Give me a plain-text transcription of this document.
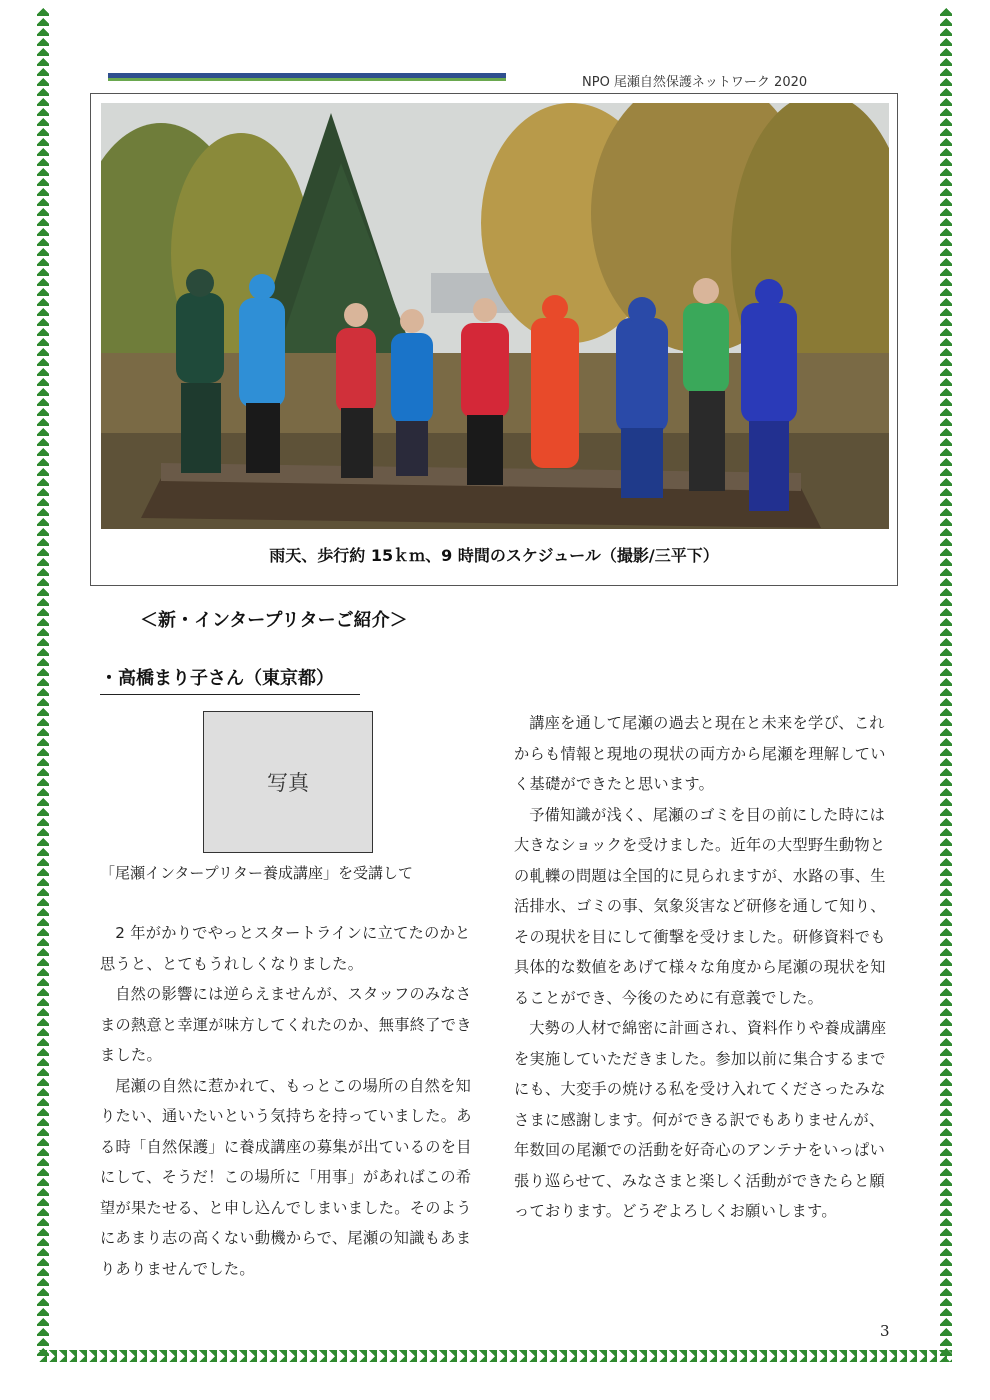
NPO 尾瀬自然保護ネットワーク 2020
雨天、歩行約 15ｋｍ、9 時間のスケジュール（撮影/三平下）
＜新・インタープリターご紹介＞
・高橋まり子さん（東京都）
写真
「尾瀬インタープリター養成講座」を受講して

2 年がかりでやっとスタートラインに立てたのかと思うと、とてもうれしくなりました。

自然の影響には逆らえませんが、スタッフのみなさまの熱意と幸運が味方してくれたのか、無事終了できました。

尾瀬の自然に惹かれて、もっとこの場所の自然を知りたい、通いたいという気持ちを持っていました。ある時「自然保護」に養成講座の募集が出ているのを目にして、そうだ！この場所に「用事」があればこの希望が果たせる、と申し込んでしまいました。そのようにあまり志の高くない動機からで、尾瀬の知識もあまりありませんでした。

講座を通して尾瀬の過去と現在と未来を学び、これからも情報と現地の現状の両方から尾瀬を理解していく基礎ができたと思います。

予備知識が浅く、尾瀬のゴミを目の前にした時には大きなショックを受けました。近年の大型野生動物との軋轢の問題は全国的に見られますが、水路の事、生活排水、ゴミの事、気象災害など研修を通して知り、その現状を目にして衝撃を受けました。研修資料でも具体的な数値をあげて様々な角度から尾瀬の現状を知ることができ、今後のために有意義でした。

大勢の人材で綿密に計画され、資料作りや養成講座を実施していただきました。参加以前に集合するまでにも、大変手の焼ける私を受け入れてくださったみなさまに感謝します。何ができる訳でもありませんが、年数回の尾瀬での活動を好奇心のアンテナをいっぱい張り巡らせて、みなさまと楽しく活動ができたらと願っております。どうぞよろしくお願いします。

3
